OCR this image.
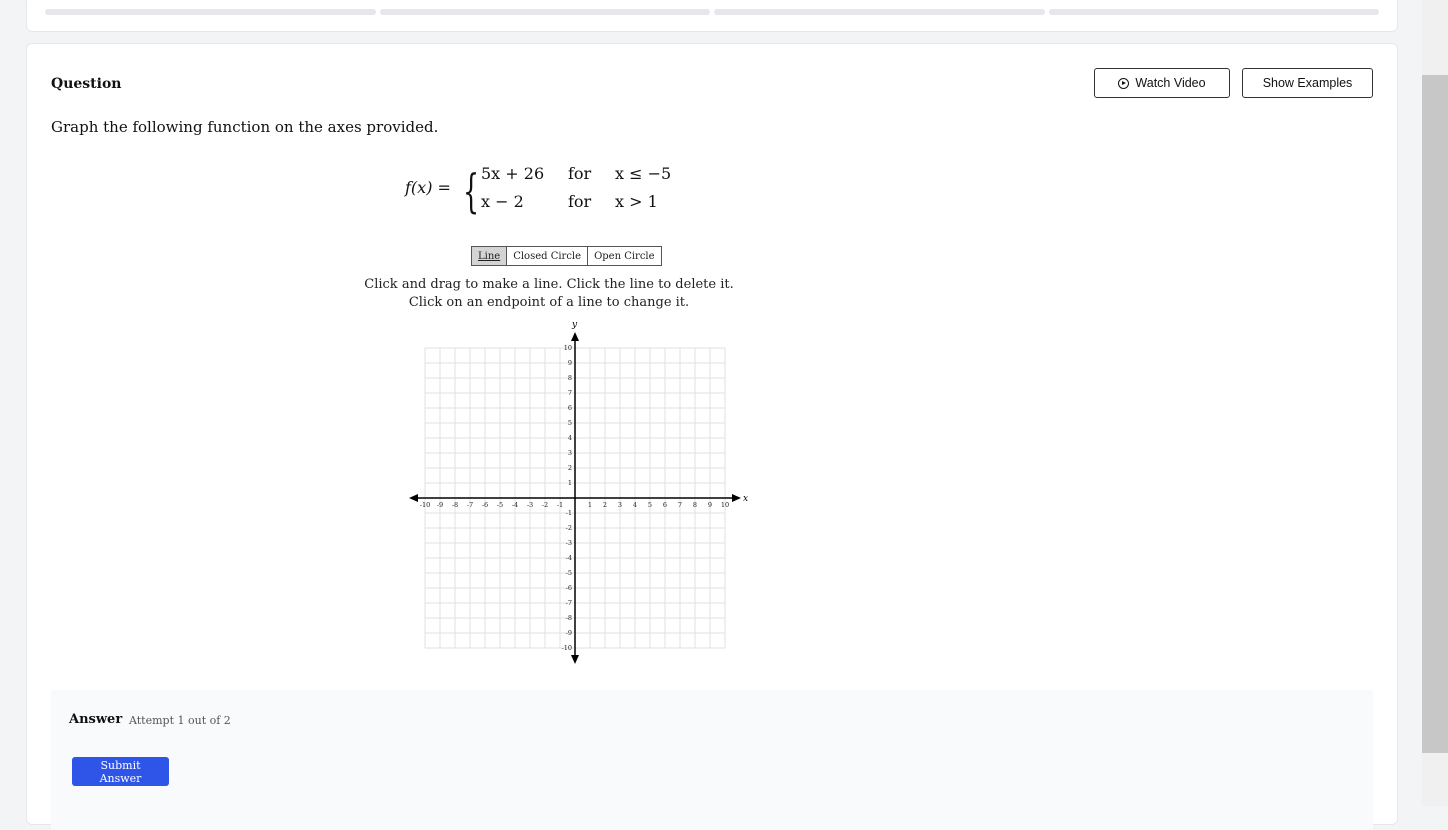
Question	Watch Video	Show Examples
Graph the following function on the axes provided.
f(x) = { 5x + 26 for x ≤ −5
x − 2	for x > 1
Line	Closed Circle	Open Circle
Click and drag to make a line. Click the line to delete it.
Click on an endpoint of a line to change it.
x
y
-10 -9 -8 -7 -6 -5 -4 -3 -2 -1	1 2 3 4 5 6 7 8 9 10
10
9
8
7
6
5
4
3
2
1
-1
-2
-3
-4
-5
-6
-7
-8
-9
-10
Answer Attempt 1 out of 2
Submit Answer
